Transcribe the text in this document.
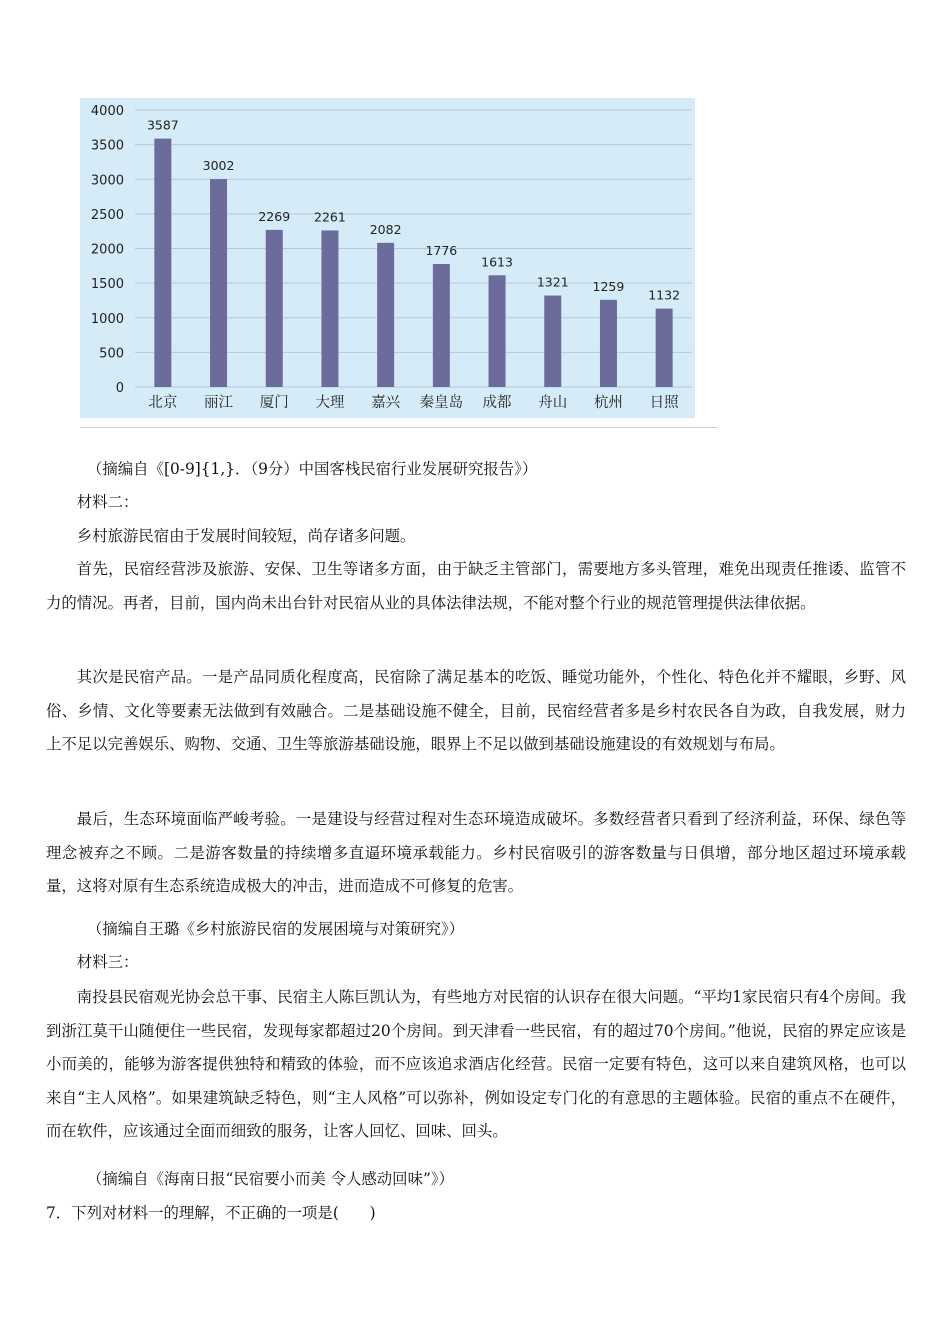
0
500
1000
1500
2000
2500
3000
3500
4000
3587
北京
3002
丽江
2269
厦门
2261
大理
2082
嘉兴
1776
秦皇岛
1613
成都
1321
舟山
1259
杭州
1132
日照

（摘编自《[0-9]{1,}．（9分）中国客栈民宿行业发展研究报告》）

材料二：

乡村旅游民宿由于发展时间较短，尚存诸多问题。

首先，民宿经营涉及旅游、安保、卫生等诸多方面，由于缺乏主管部门，需要地方多头管理，难免出现责任推诿、监管不力的情况。再者，目前，国内尚未出台针对民宿从业的具体法律法规，不能对整个行业的规范管理提供法律依据。

其次是民宿产品。一是产品同质化程度高，民宿除了满足基本的吃饭、睡觉功能外，个性化、特色化并不耀眼，乡野、风俗、乡情、文化等要素无法做到有效融合。二是基础设施不健全，目前，民宿经营者多是乡村农民各自为政，自我发展，财力上不足以完善娱乐、购物、交通、卫生等旅游基础设施，眼界上不足以做到基础设施建设的有效规划与布局。

最后，生态环境面临严峻考验。一是建设与经营过程对生态环境造成破坏。多数经营者只看到了经济利益，环保、绿色等理念被弃之不顾。二是游客数量的持续增多直逼环境承载能力。乡村民宿吸引的游客数量与日俱增，部分地区超过环境承载量，这将对原有生态系统造成极大的冲击，进而造成不可修复的危害。

（摘编自王璐《乡村旅游民宿的发展困境与对策研究》）

材料三：

南投县民宿观光协会总干事、民宿主人陈巨凯认为，有些地方对民宿的认识存在很大问题。“平均1家民宿只有4个房间。我到浙江莫干山随便住一些民宿，发现每家都超过20个房间。到天津看一些民宿，有的超过70个房间。”他说，民宿的界定应该是小而美的，能够为游客提供独特和精致的体验，而不应该追求酒店化经营。民宿一定要有特色，这可以来自建筑风格，也可以来自“主人风格”。如果建筑缺乏特色，则“主人风格”可以弥补，例如设定专门化的有意思的主题体验。民宿的重点不在硬件，而在软件，应该通过全面而细致的服务，让客人回忆、回味、回头。

（摘编自《海南日报“民宿要小而美 令人感动回味”》）

7．下列对材料一的理解，不正确的一项是(　　)
